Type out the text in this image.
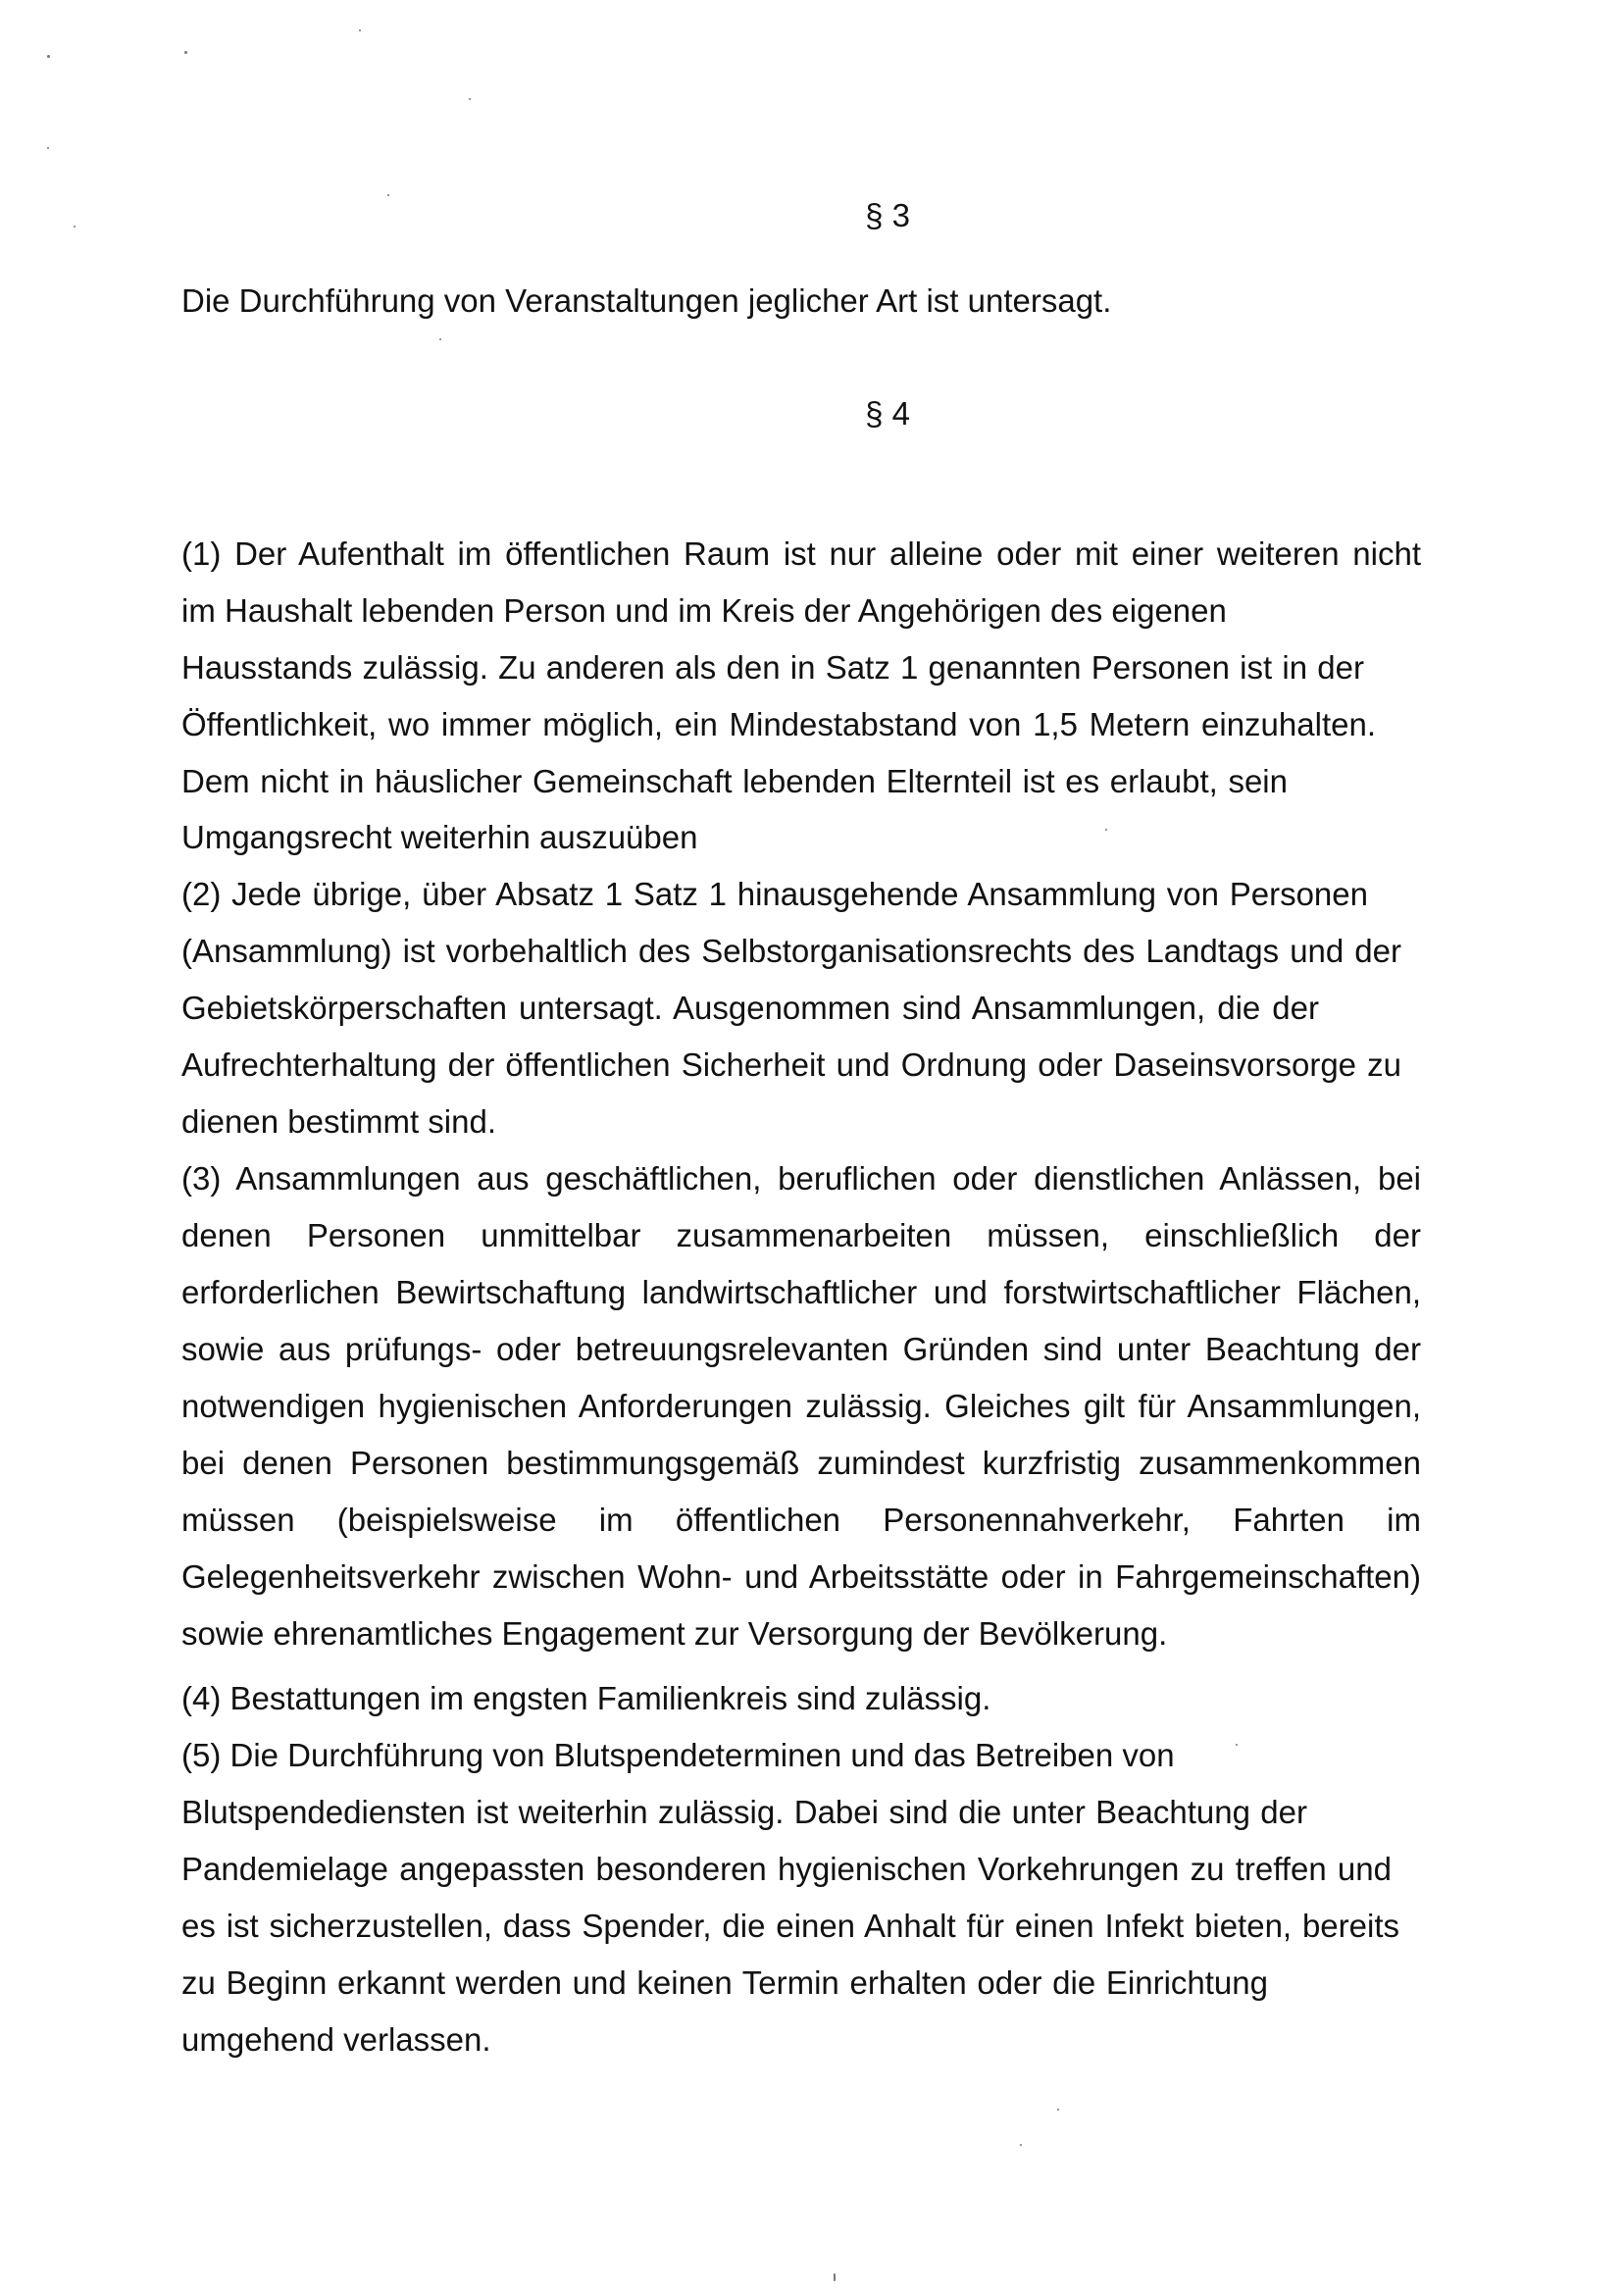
§ 3

Die Durchführung von Veranstaltungen jeglicher Art ist untersagt.

§ 4

(1) Der Aufenthalt im öffentlichen Raum ist nur alleine oder mit einer weiteren nicht

im Haushalt lebenden Person und im Kreis der Angehörigen des eigenen

Hausstands zulässig. Zu anderen als den in Satz 1 genannten Personen ist in der

Öffentlichkeit, wo immer möglich, ein Mindestabstand von 1,5 Metern einzuhalten.

Dem nicht in häuslicher Gemeinschaft lebenden Elternteil ist es erlaubt, sein

Umgangsrecht weiterhin auszuüben

(2) Jede übrige, über Absatz 1 Satz 1 hinausgehende Ansammlung von Personen

(Ansammlung) ist vorbehaltlich des Selbstorganisationsrechts des Landtags und der

Gebietskörperschaften untersagt. Ausgenommen sind Ansammlungen, die der

Aufrechterhaltung der öffentlichen Sicherheit und Ordnung oder Daseinsvorsorge zu

dienen bestimmt sind.

(3) Ansammlungen aus geschäftlichen, beruflichen oder dienstlichen Anlässen, bei

denen Personen unmittelbar zusammenarbeiten müssen, einschließlich der

erforderlichen Bewirtschaftung landwirtschaftlicher und forstwirtschaftlicher Flächen,

sowie aus prüfungs- oder betreuungsrelevanten Gründen sind unter Beachtung der

notwendigen hygienischen Anforderungen zulässig. Gleiches gilt für Ansammlungen,

bei denen Personen bestimmungsgemäß zumindest kurzfristig zusammenkommen

müssen (beispielsweise im öffentlichen Personennahverkehr, Fahrten im

Gelegenheitsverkehr zwischen Wohn- und Arbeitsstätte oder in Fahrgemeinschaften)

sowie ehrenamtliches Engagement zur Versorgung der Bevölkerung.

(4) Bestattungen im engsten Familienkreis sind zulässig.

(5) Die Durchführung von Blutspendeterminen und das Betreiben von

Blutspendediensten ist weiterhin zulässig. Dabei sind die unter Beachtung der

Pandemielage angepassten besonderen hygienischen Vorkehrungen zu treffen und

es ist sicherzustellen, dass Spender, die einen Anhalt für einen Infekt bieten, bereits

zu Beginn erkannt werden und keinen Termin erhalten oder die Einrichtung

umgehend verlassen.
